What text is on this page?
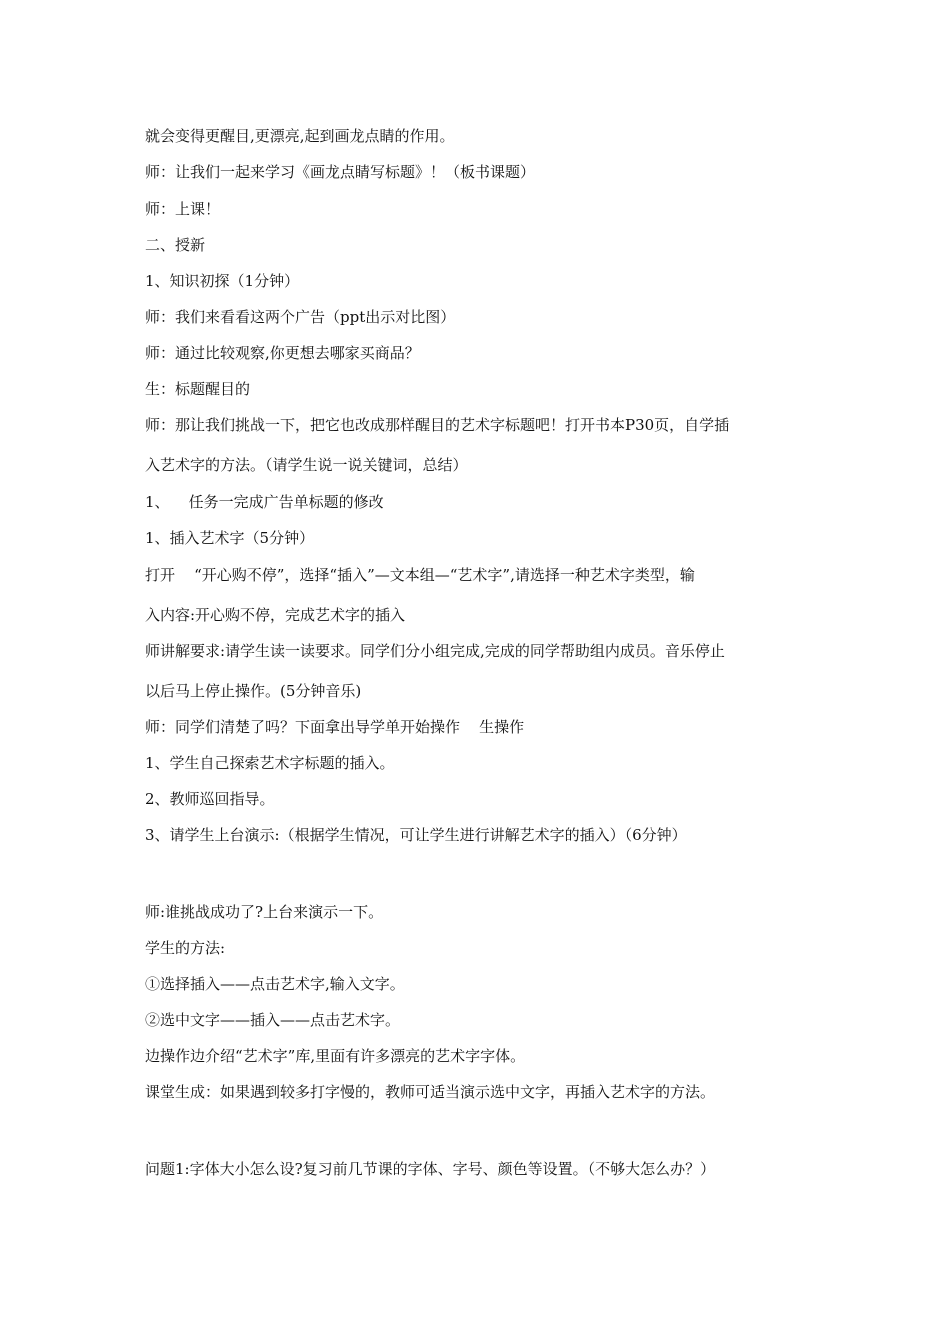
就会变得更醒目,更漂亮,起到画龙点睛的作用。
师：让我们一起来学习《画龙点睛写标题》！（板书课题）
师：上课！
二、授新
1、知识初探（1分钟）
师：我们来看看这两个广告（ppt出示对比图）
师：通过比较观察,你更想去哪家买商品？
生：标题醒目的
师：那让我们挑战一下，把它也改成那样醒目的艺术字标题吧！打开书本P30页，自学插
入艺术字的方法。（请学生说一说关键词，总结）
1、    任务一完成广告单标题的修改
1、插入艺术字（5分钟）
打开    “开心购不停”，选择“插入”—文本组—“艺术字”,请选择一种艺术字类型，输
入内容:开心购不停，完成艺术字的插入
师讲解要求:请学生读一读要求。同学们分小组完成,完成的同学帮助组内成员。音乐停止
以后马上停止操作。(5分钟音乐)
师：同学们清楚了吗？下面拿出导学单开始操作    生操作
1、学生自己探索艺术字标题的插入。
2、教师巡回指导。
3、请学生上台演示:（根据学生情况，可让学生进行讲解艺术字的插入）（6分钟）
师:谁挑战成功了?上台来演示一下。
学生的方法:
①选择插入——点击艺术字,输入文字。
②选中文字——插入——点击艺术字。
边操作边介绍“艺术字”库,里面有许多漂亮的艺术字字体。
课堂生成：如果遇到较多打字慢的，教师可适当演示选中文字，再插入艺术字的方法。
问题1:字体大小怎么设?复习前几节课的字体、字号、颜色等设置。（不够大怎么办？）
